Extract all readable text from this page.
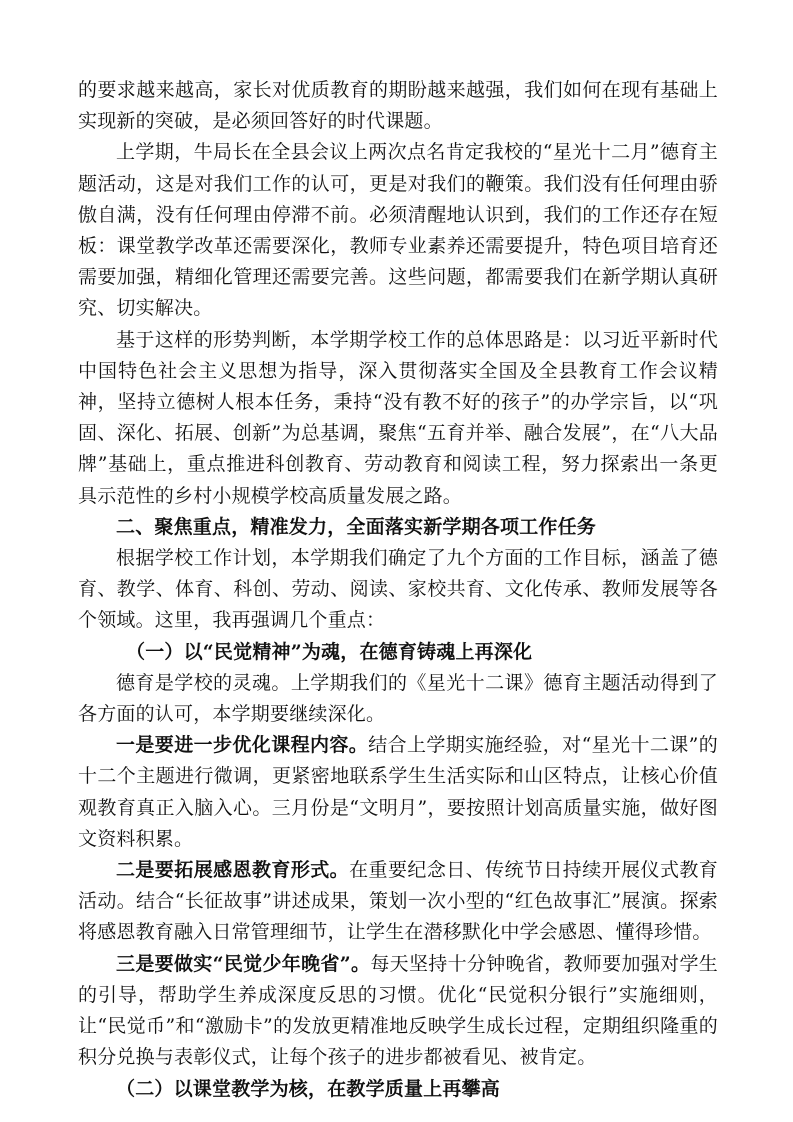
的要求越来越高，家长对优质教育的期盼越来越强，我们如何在现有基础上实现新的突破，是必须回答好的时代课题。

上学期，牛局长在全县会议上两次点名肯定我校的“星光十二月”德育主题活动，这是对我们工作的认可，更是对我们的鞭策。我们没有任何理由骄傲自满，没有任何理由停滞不前。必须清醒地认识到，我们的工作还存在短板：课堂教学改革还需要深化，教师专业素养还需要提升，特色项目培育还需要加强，精细化管理还需要完善。这些问题，都需要我们在新学期认真研究、切实解决。

基于这样的形势判断，本学期学校工作的总体思路是：以习近平新时代中国特色社会主义思想为指导，深入贯彻落实全国及全县教育工作会议精神，坚持立德树人根本任务，秉持“没有教不好的孩子”的办学宗旨，以“巩固、深化、拓展、创新”为总基调，聚焦“五育并举、融合发展”，在“八大品牌”基础上，重点推进科创教育、劳动教育和阅读工程，努力探索出一条更具示范性的乡村小规模学校高质量发展之路。

二、聚焦重点，精准发力，全面落实新学期各项工作任务

根据学校工作计划，本学期我们确定了九个方面的工作目标，涵盖了德育、教学、体育、科创、劳动、阅读、家校共育、文化传承、教师发展等各个领域。这里，我再强调几个重点：

（一）以“民觉精神”为魂，在德育铸魂上再深化

德育是学校的灵魂。上学期我们的《星光十二课》德育主题活动得到了各方面的认可，本学期要继续深化。

一是要进一步优化课程内容。结合上学期实施经验，对“星光十二课”的十二个主题进行微调，更紧密地联系学生生活实际和山区特点，让核心价值观教育真正入脑入心。三月份是“文明月”，要按照计划高质量实施，做好图文资料积累。

二是要拓展感恩教育形式。在重要纪念日、传统节日持续开展仪式教育活动。结合“长征故事”讲述成果，策划一次小型的“红色故事汇”展演。探索将感恩教育融入日常管理细节，让学生在潜移默化中学会感恩、懂得珍惜。

三是要做实“民觉少年晚省”。每天坚持十分钟晚省，教师要加强对学生的引导，帮助学生养成深度反思的习惯。优化“民觉积分银行”实施细则，让“民觉币”和“激励卡”的发放更精准地反映学生成长过程，定期组织隆重的积分兑换与表彰仪式，让每个孩子的进步都被看见、被肯定。

（二）以课堂教学为核，在教学质量上再攀高
